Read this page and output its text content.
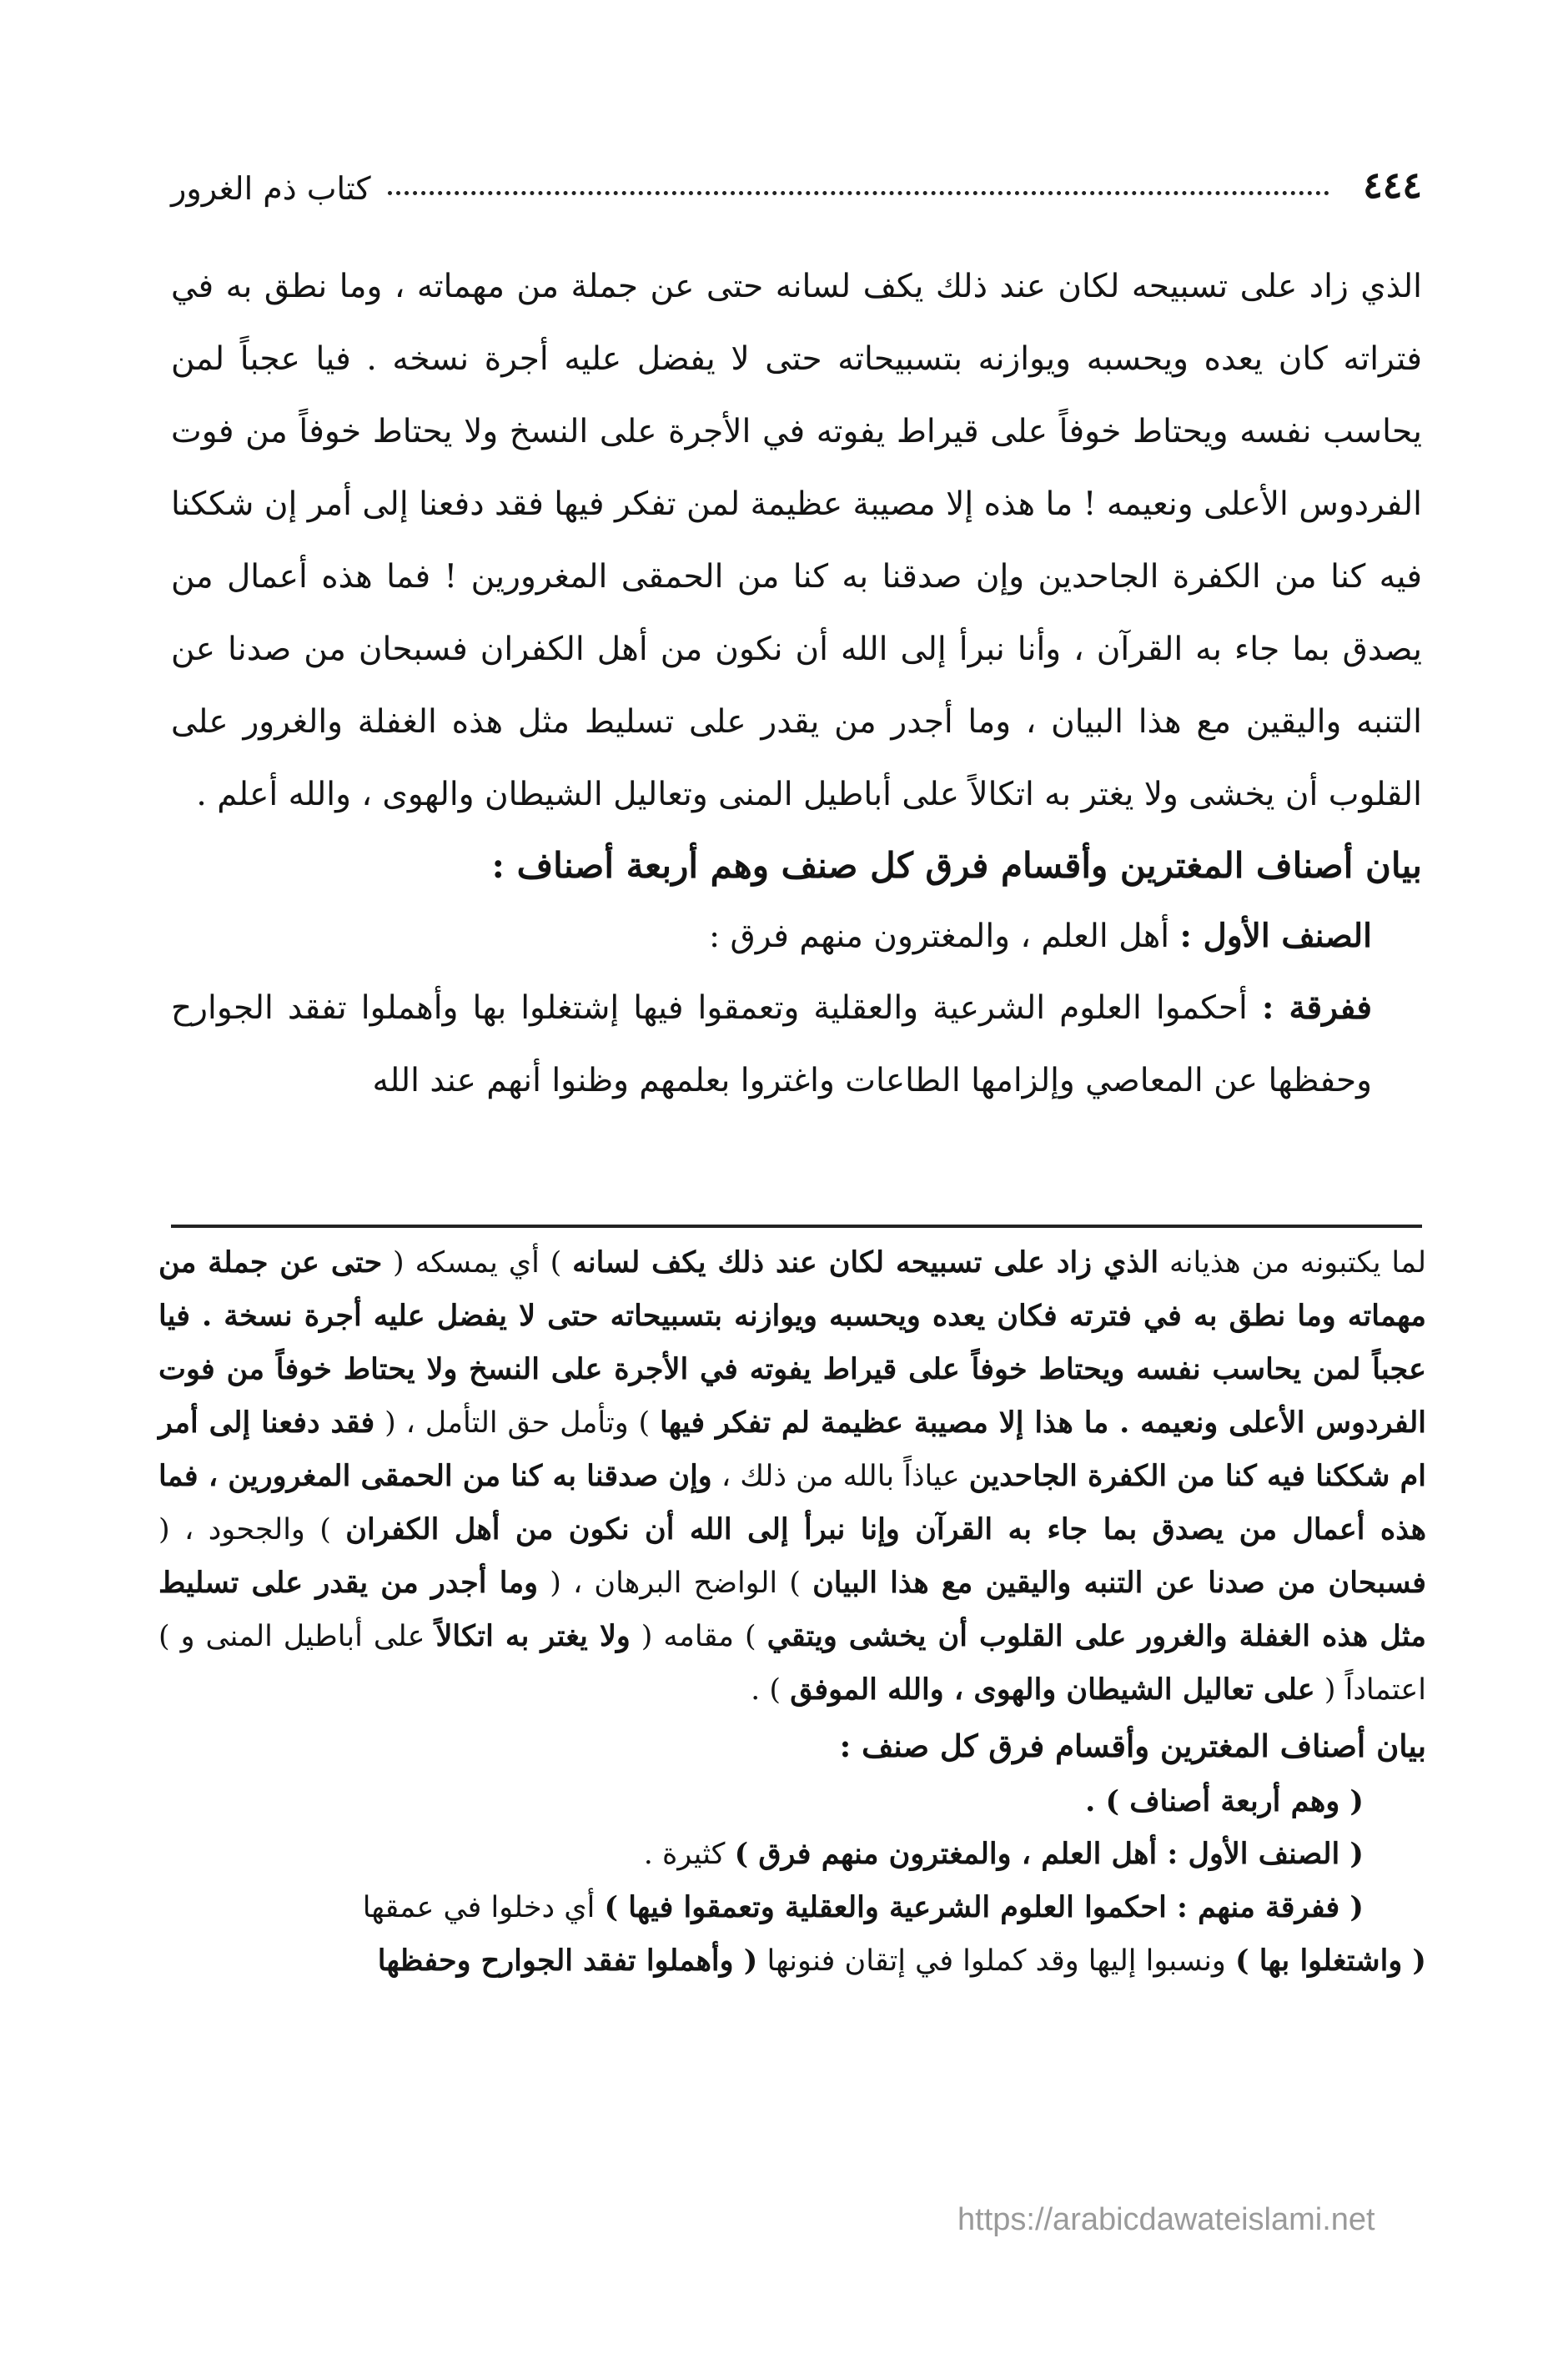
٤٤٤
كتاب ذم الغرور

الذي زاد على تسبيحه لكان عند ذلك يكف لسانه حتى عن جملة من مهماته ، وما نطق به في فتراته كان يعده ويحسبه ويوازنه بتسبيحاته حتى لا يفضل عليه أجرة نسخه . فيا عجباً لمن يحاسب نفسه ويحتاط خوفاً على قيراط يفوته في الأجرة على النسخ ولا يحتاط خوفاً من فوت الفردوس الأعلى ونعيمه ! ما هذه إلا مصيبة عظيمة لمن تفكر فيها فقد دفعنا إلى أمر إن شككنا فيه كنا من الكفرة الجاحدين وإن صدقنا به كنا من الحمقى المغرورين ! فما هذه أعمال من يصدق بما جاء به القرآن ، وأنا نبرأ إلى الله أن نكون من أهل الكفران فسبحان من صدنا عن التنبه واليقين مع هذا البيان ، وما أجدر من يقدر على تسليط مثل هذه الغفلة والغرور على القلوب أن يخشى ولا يغتر به اتكالاً على أباطيل المنى وتعاليل الشيطان والهوى ، والله أعلم .

بيان أصناف المغترين وأقسام فرق كل صنف وهم أربعة أصناف :

الصنف الأول : أهل العلم ، والمغترون منهم فرق :

ففرقة : أحكموا العلوم الشرعية والعقلية وتعمقوا فيها إشتغلوا بها وأهملوا تفقد الجوارح وحفظها عن المعاصي وإلزامها الطاعات واغتروا بعلمهم وظنوا أنهم عند الله

لما يكتبونه من هذيانه الذي زاد على تسبيحه لكان عند ذلك يكف لسانه ) أي يمسكه ( حتى عن جملة من مهماته وما نطق به في فترته فكان يعده ويحسبه ويوازنه بتسبيحاته حتى لا يفضل عليه أجرة نسخة . فيا عجباً لمن يحاسب نفسه ويحتاط خوفاً على قيراط يفوته في الأجرة على النسخ ولا يحتاط خوفاً من فوت الفردوس الأعلى ونعيمه . ما هذا إلا مصيبة عظيمة لم تفكر فيها ) وتأمل حق التأمل ، ( فقد دفعنا إلى أمر ام شككنا فيه كنا من الكفرة الجاحدين عياذاً بالله من ذلك ، وإن صدقنا به كنا من الحمقى المغرورين ، فما هذه أعمال من يصدق بما جاء به القرآن وإنا نبرأ إلى الله أن نكون من أهل الكفران ) والجحود ، ( فسبحان من صدنا عن التنبه واليقين مع هذا البيان ) الواضح البرهان ، ( وما أجدر من يقدر على تسليط مثل هذه الغفلة والغرور على القلوب أن يخشى ويتقي ) مقامه ( ولا يغتر به اتكالاً على أباطيل المنى و ) اعتماداً ( على تعاليل الشيطان والهوى ، والله الموفق ) .

بيان أصناف المغترين وأقسام فرق كل صنف :

( وهم أربعة أصناف ) .

( الصنف الأول : أهل العلم ، والمغترون منهم فرق ) كثيرة .

( ففرقة منهم : احكموا العلوم الشرعية والعقلية وتعمقوا فيها ) أي دخلوا في عمقها

( واشتغلوا بها ) ونسبوا إليها وقد كملوا في إتقان فنونها ( وأهملوا تفقد الجوارح وحفظها

https://arabicdawateislami.net
